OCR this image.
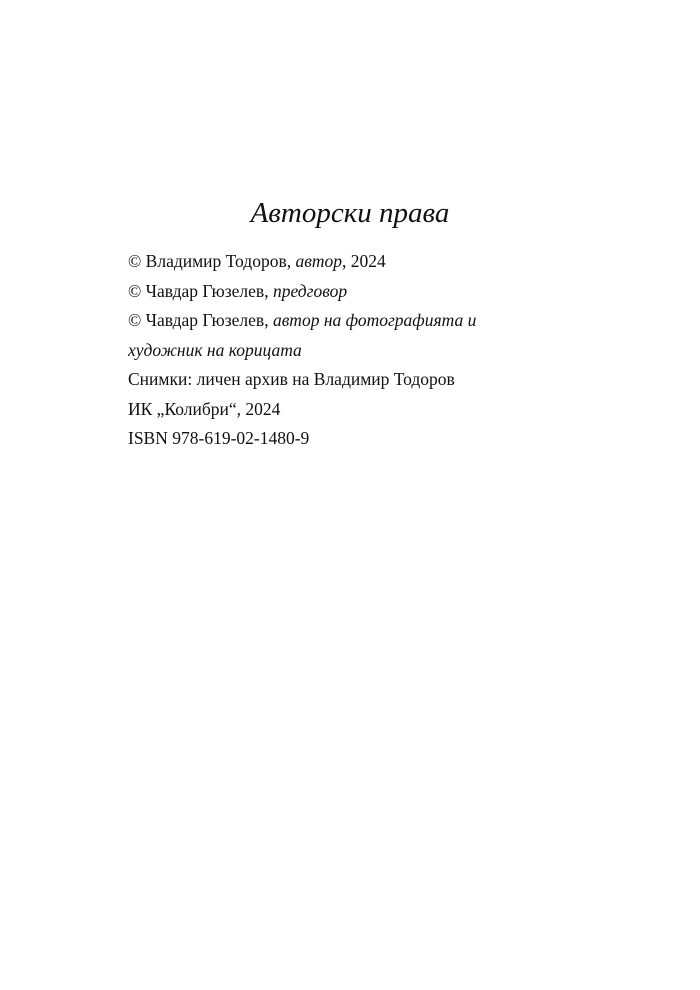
Авторски права
© Владимир Тодоров, автор, 2024
© Чавдар Гюзелев, предговор
© Чавдар Гюзелев, автор на фотографията и
художник на корицата
Снимки: личен архив на Владимир Тодоров
ИК „Колибри“, 2024
ISBN 978-619-02-1480-9
